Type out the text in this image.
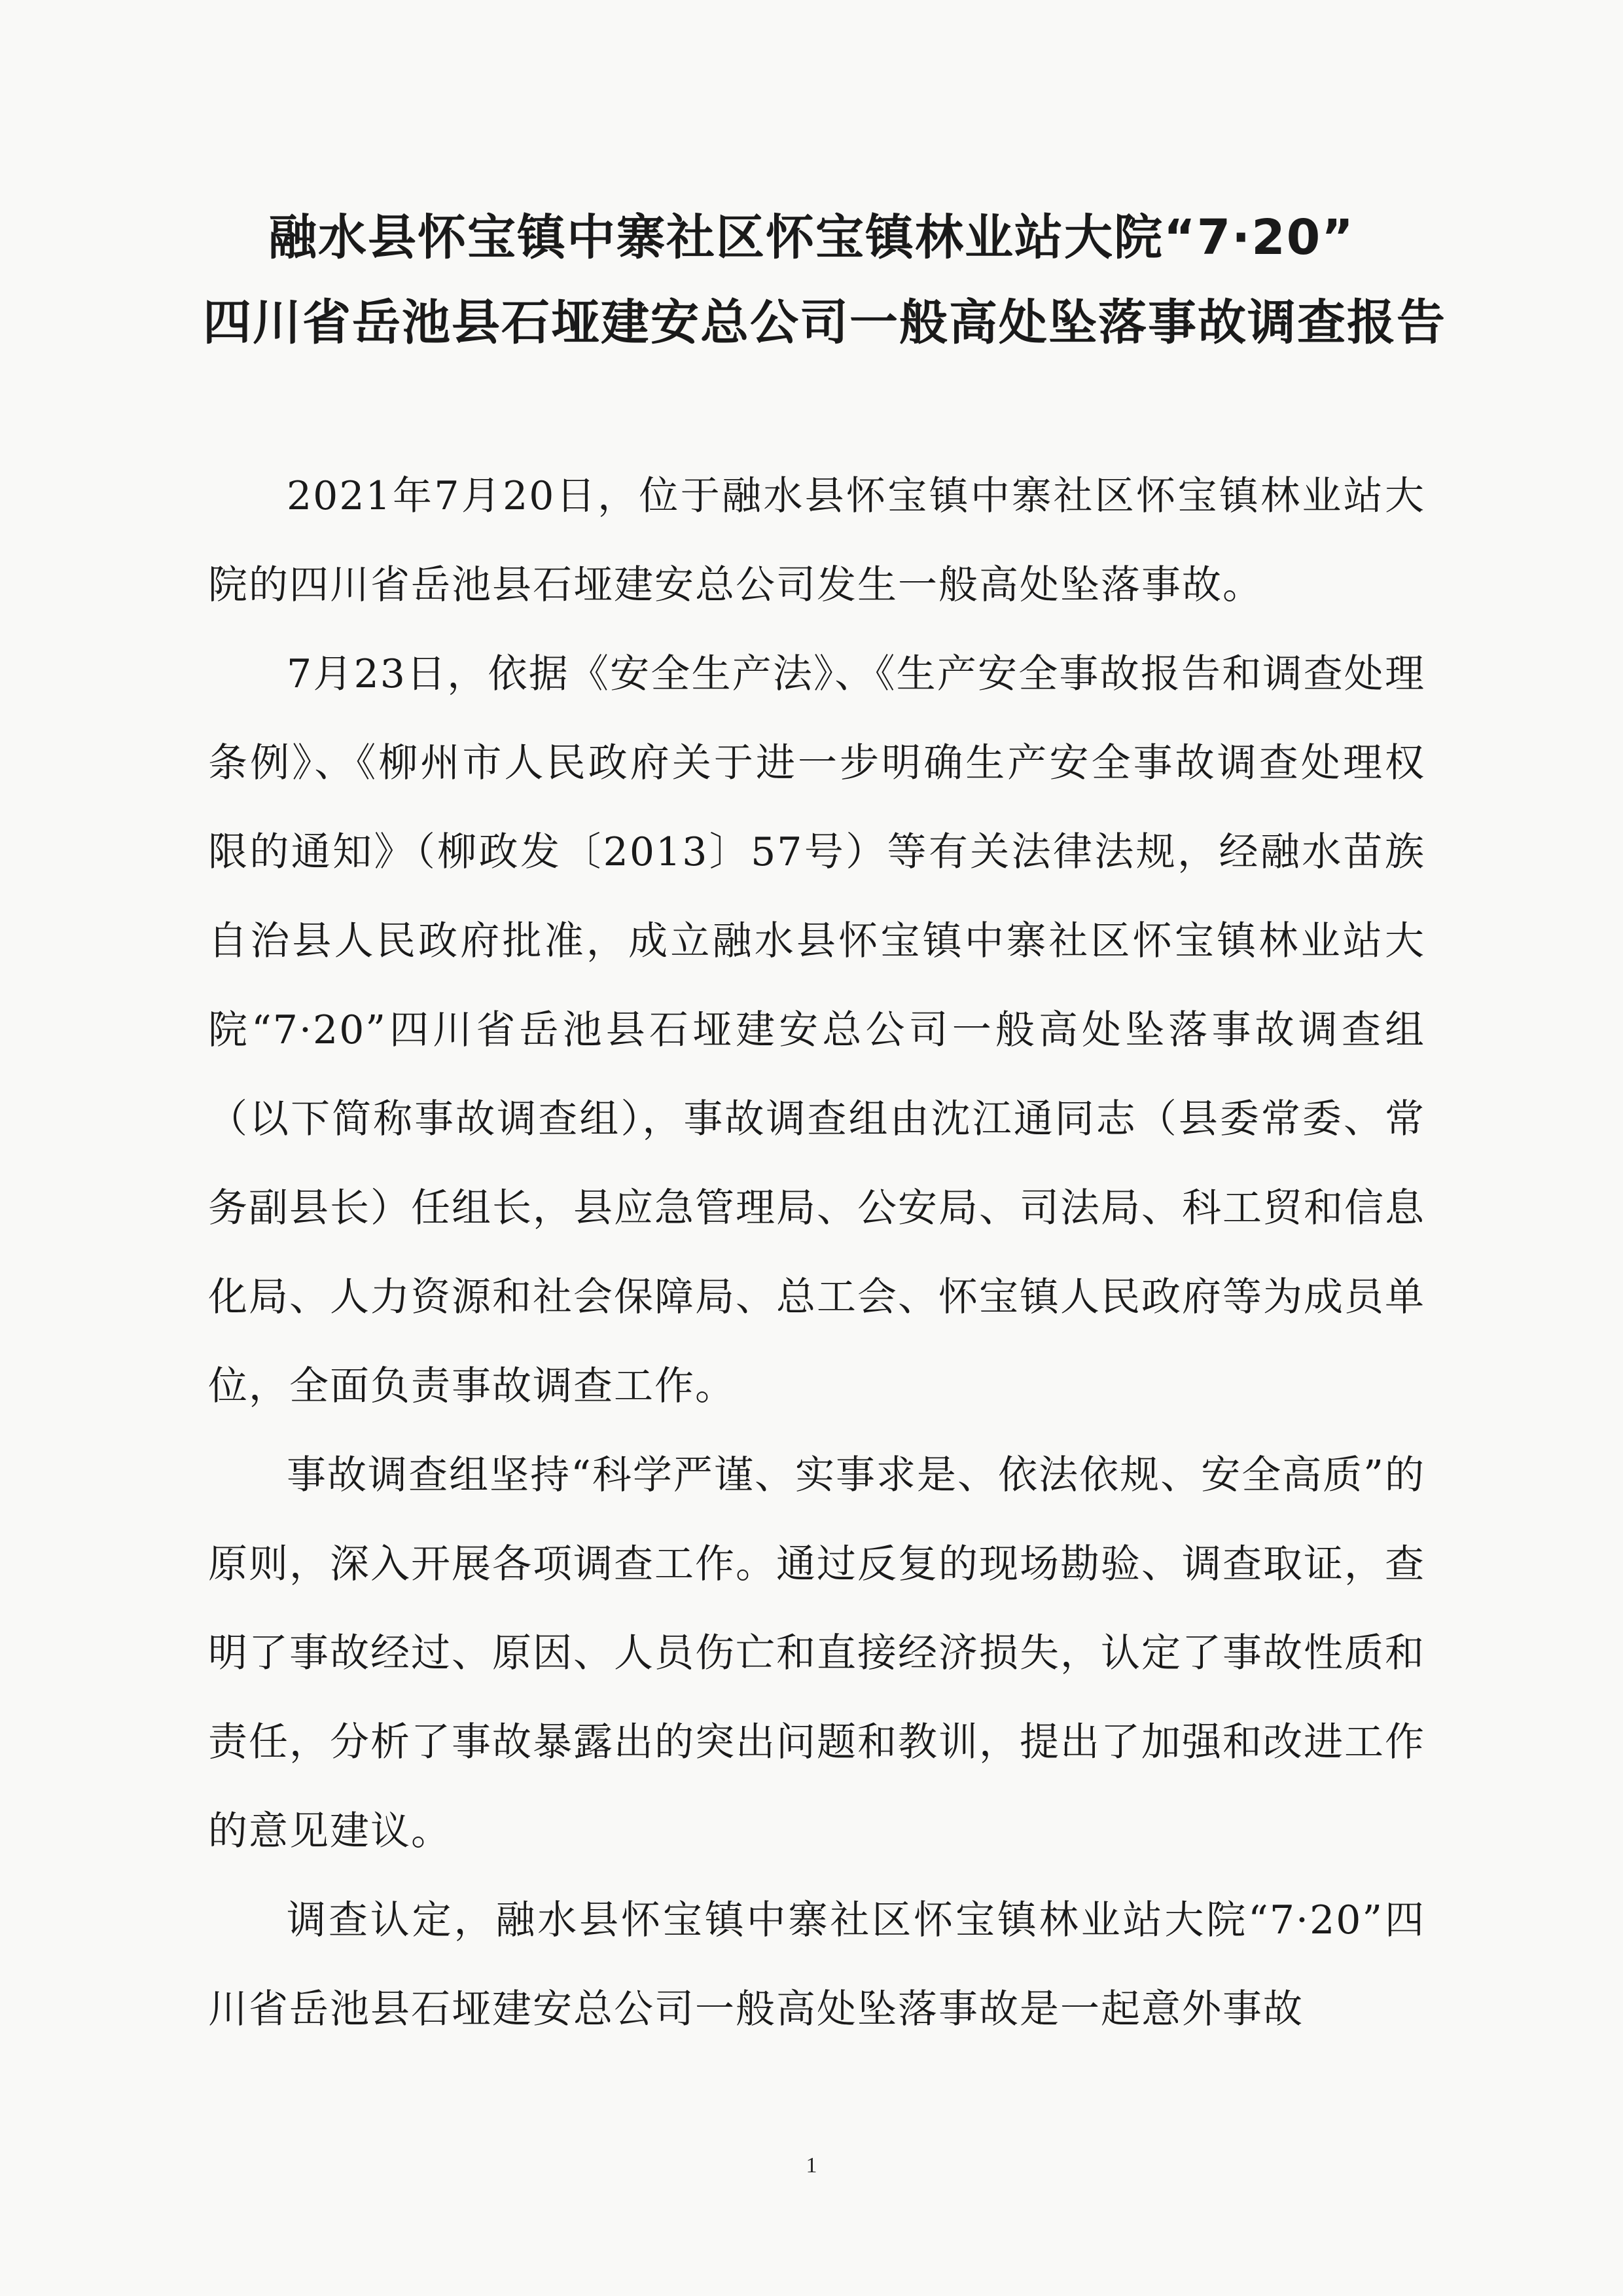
融水县怀宝镇中寨社区怀宝镇林业站大院“7·20”
四川省岳池县石垭建安总公司一般高处坠落事故调查报告

2021年7月20日，位于融水县怀宝镇中寨社区怀宝镇林业站大院的四川省岳池县石垭建安总公司发生一般高处坠落事故。

7月23日，依据《安全生产法》、《生产安全事故报告和调查处理条例》、《柳州市人民政府关于进一步明确生产安全事故调查处理权限的通知》（柳政发〔2013〕57号）等有关法律法规，经融水苗族自治县人民政府批准，成立融水县怀宝镇中寨社区怀宝镇林业站大院“7·20”四川省岳池县石垭建安总公司一般高处坠落事故调查组（以下简称事故调查组），事故调查组由沈江通同志（县委常委、常务副县长）任组长，县应急管理局、公安局、司法局、科工贸和信息化局、人力资源和社会保障局、总工会、怀宝镇人民政府等为成员单位，全面负责事故调查工作。

事故调查组坚持“科学严谨、实事求是、依法依规、安全高质”的原则，深入开展各项调查工作。通过反复的现场勘验、调查取证，查明了事故经过、原因、人员伤亡和直接经济损失，认定了事故性质和责任，分析了事故暴露出的突出问题和教训，提出了加强和改进工作的意见建议。

调查认定，融水县怀宝镇中寨社区怀宝镇林业站大院“7·20”四川省岳池县石垭建安总公司一般高处坠落事故是一起意外事故

1
